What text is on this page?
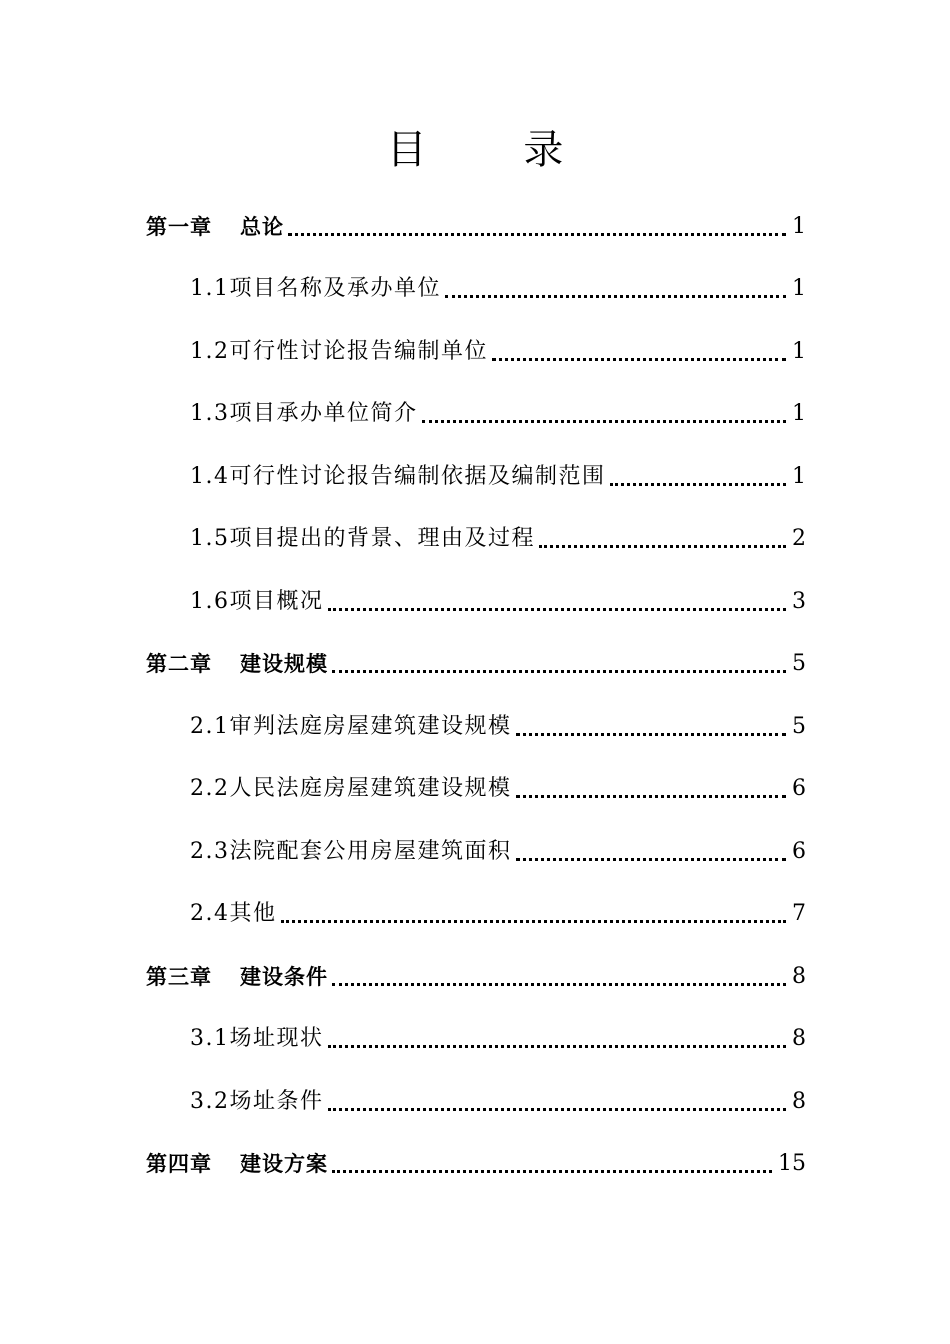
目 录
第一章 总论	1
1.1项目名称及承办单位	1
1.2可行性讨论报告编制单位	1
1.3项目承办单位简介	1
1.4可行性讨论报告编制依据及编制范围	1
1.5项目提出的背景、理由及过程	2
1.6项目概况	3
第二章 建设规模	5
2.1审判法庭房屋建筑建设规模	5
2.2人民法庭房屋建筑建设规模	6
2.3法院配套公用房屋建筑面积	6
2.4其他	7
第三章 建设条件	8
3.1场址现状	8
3.2场址条件	8
第四章 建设方案	15
